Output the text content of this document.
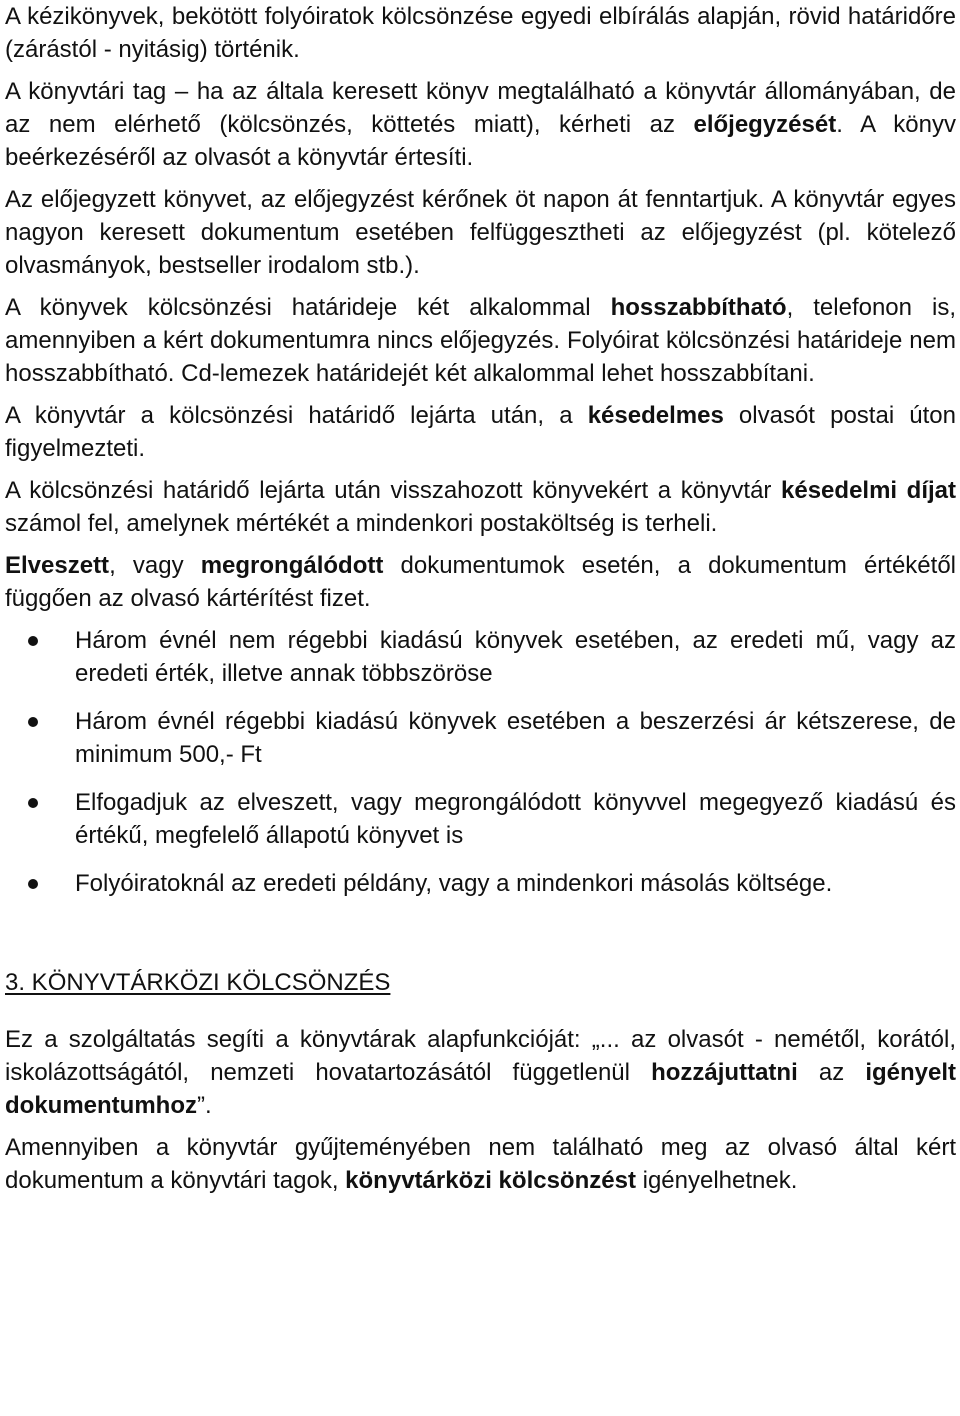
A kézikönyvek, bekötött folyóiratok kölcsönzése egyedi elbírálás alapján, rövid határidőre (zárástól - nyitásig) történik.

A könyvtári tag – ha az általa keresett könyv megtalálható a könyvtár állományában, de az nem elérhető (kölcsönzés, köttetés miatt), kérheti az előjegyzését. A könyv beérkezéséről az olvasót a könyvtár értesíti.

Az előjegyzett könyvet, az előjegyzést kérőnek öt napon át fenntartjuk. A könyvtár egyes nagyon keresett dokumentum esetében felfüggesztheti az előjegyzést (pl. kötelező olvasmányok, bestseller irodalom stb.).

A könyvek kölcsönzési határideje két alkalommal hosszabbítható, telefonon is, amennyiben a kért dokumentumra nincs előjegyzés. Folyóirat kölcsönzési határideje nem hosszabbítható. Cd-lemezek határidejét két alkalommal lehet hosszabbítani.

A könyvtár a kölcsönzési határidő lejárta után, a késedelmes olvasót postai úton figyelmezteti.

A kölcsönzési határidő lejárta után visszahozott könyvekért a könyvtár késedelmi díjat számol fel, amelynek mértékét a mindenkori postaköltség is terheli.

Elveszett, vagy megrongálódott dokumentumok esetén, a dokumentum értékétől függően az olvasó kártérítést fizet.

Három évnél nem régebbi kiadású könyvek esetében, az eredeti mű, vagy az eredeti érték, illetve annak többszöröse
Három évnél régebbi kiadású könyvek esetében a beszerzési ár kétszerese, de minimum 500,- Ft
Elfogadjuk az elveszett, vagy megrongálódott könyvvel megegyező kiadású és értékű, megfelelő állapotú könyvet is
Folyóiratoknál az eredeti példány, vagy a mindenkori másolás költsége.

3. KÖNYVTÁRKÖZI KÖLCSÖNZÉS

Ez a szolgáltatás segíti a könyvtárak alapfunkcióját: „... az olvasót - nemétől, korától, iskolázottságától, nemzeti hovatartozásától függetlenül hozzájuttatni az igényelt dokumentumhoz”.

Amennyiben a könyvtár gyűjteményében nem található meg az olvasó által kért dokumentum a könyvtári tagok, könyvtárközi kölcsönzést igényelhetnek.
